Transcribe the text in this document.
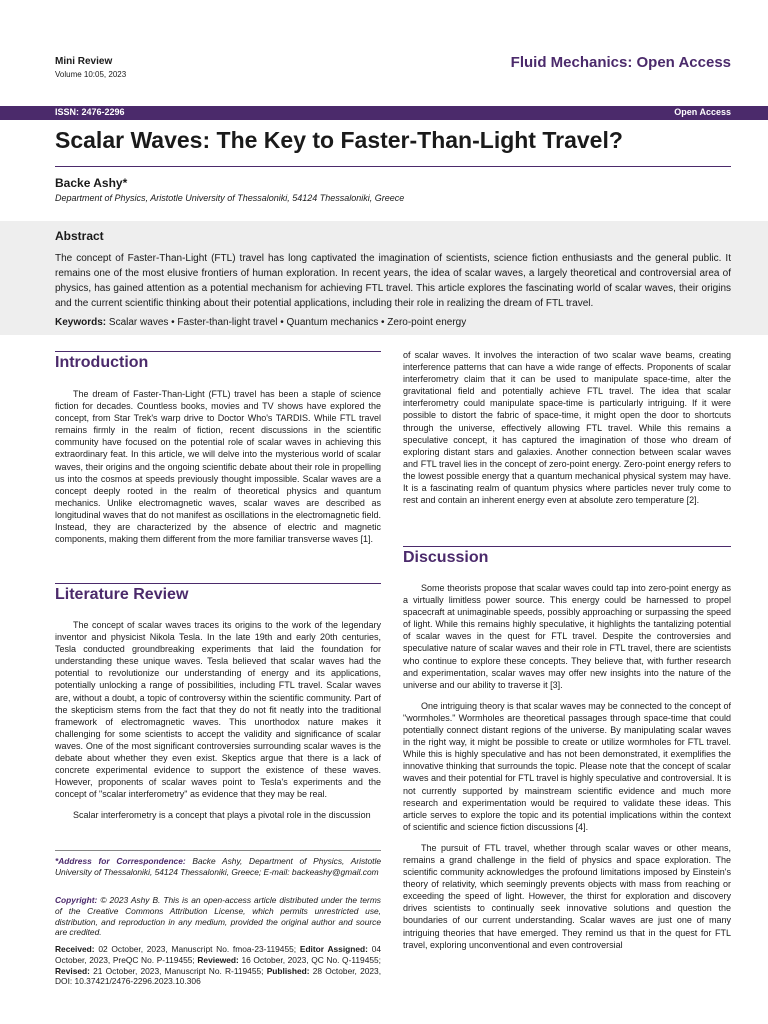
Mini Review
Volume 10:05, 2023
Fluid Mechanics: Open Access
ISSN: 2476-2296	Open Access
Scalar Waves: The Key to Faster-Than-Light Travel?
Backe Ashy*
Department of Physics, Aristotle University of Thessaloniki, 54124 Thessaloniki, Greece
Abstract
The concept of Faster-Than-Light (FTL) travel has long captivated the imagination of scientists, science fiction enthusiasts and the general public. It remains one of the most elusive frontiers of human exploration. In recent years, the idea of scalar waves, a largely theoretical and controversial area of physics, has gained attention as a potential mechanism for achieving FTL travel. This article explores the fascinating world of scalar waves, their origins and the current scientific thinking about their potential applications, including their role in realizing the dream of FTL travel.
Keywords: Scalar waves • Faster-than-light travel • Quantum mechanics • Zero-point energy
Introduction

The dream of Faster-Than-Light (FTL) travel has been a staple of science fiction for decades. Countless books, movies and TV shows have explored the concept, from Star Trek's warp drive to Doctor Who's TARDIS. While FTL travel remains firmly in the realm of fiction, recent discussions in the scientific community have focused on the potential role of scalar waves in achieving this extraordinary feat. In this article, we will delve into the mysterious world of scalar waves, their origins and the ongoing scientific debate about their role in propelling us into the cosmos at speeds previously thought impossible. Scalar waves are a concept deeply rooted in the realm of theoretical physics and quantum mechanics. Unlike electromagnetic waves, scalar waves are described as longitudinal waves that do not manifest as oscillations in the electromagnetic field. Instead, they are characterized by the absence of electric and magnetic components, making them different from the more familiar transverse waves [1].

Literature Review

The concept of scalar waves traces its origins to the work of the legendary inventor and physicist Nikola Tesla. In the late 19th and early 20th centuries, Tesla conducted groundbreaking experiments that laid the foundation for understanding these unique waves. Tesla believed that scalar waves had the potential to revolutionize our understanding of energy and its applications, potentially unlocking a range of possibilities, including FTL travel. Scalar waves are, without a doubt, a topic of controversy within the scientific community. Part of the skepticism stems from the fact that they do not fit neatly into the traditional framework of electromagnetic waves. This unorthodox nature makes it challenging for some scientists to accept the validity and significance of scalar waves. One of the most significant controversies surrounding scalar waves is the debate about whether they even exist. Skeptics argue that there is a lack of concrete experimental evidence to support the existence of these waves. However, proponents of scalar waves point to Tesla's experiments and the concept of "scalar interferometry" as evidence that they may be real.

Scalar interferometry is a concept that plays a pivotal role in the discussion

*Address for Correspondence: Backe Ashy, Department of Physics, Aristotle University of Thessaloniki, 54124 Thessaloniki, Greece; E-mail: backeashy@gmail.com
Copyright: © 2023 Ashy B. This is an open-access article distributed under the terms of the Creative Commons Attribution License, which permits unrestricted use, distribution, and reproduction in any medium, provided the original author and source are credited.
Received: 02 October, 2023, Manuscript No. fmoa-23-119455; Editor Assigned: 04 October, 2023, PreQC No. P-119455; Reviewed: 16 October, 2023, QC No. Q-119455; Revised: 21 October, 2023, Manuscript No. R-119455; Published: 28 October, 2023, DOI: 10.37421/2476-2296.2023.10.306

of scalar waves. It involves the interaction of two scalar wave beams, creating interference patterns that can have a wide range of effects. Proponents of scalar interferometry claim that it can be used to manipulate space-time, alter the gravitational field and potentially achieve FTL travel. The idea that scalar interferometry could manipulate space-time is particularly intriguing. If it were possible to distort the fabric of space-time, it might open the door to shortcuts through the universe, effectively allowing FTL travel. While this remains a speculative concept, it has captured the imagination of those who dream of exploring distant stars and galaxies. Another connection between scalar waves and FTL travel lies in the concept of zero-point energy. Zero-point energy refers to the lowest possible energy that a quantum mechanical physical system may have. It is a fascinating realm of quantum physics where particles never truly come to rest and contain an inherent energy even at absolute zero temperature [2].

Discussion

Some theorists propose that scalar waves could tap into zero-point energy as a virtually limitless power source. This energy could be harnessed to propel spacecraft at unimaginable speeds, possibly approaching or surpassing the speed of light. While this remains highly speculative, it highlights the tantalizing potential of scalar waves in the quest for FTL travel. Despite the controversies and speculative nature of scalar waves and their role in FTL travel, there are scientists who continue to explore these concepts. They believe that, with further research and experimentation, scalar waves may offer new insights into the nature of the universe and our ability to traverse it [3].

One intriguing theory is that scalar waves may be connected to the concept of "wormholes." Wormholes are theoretical passages through space-time that could potentially connect distant regions of the universe. By manipulating scalar waves in the right way, it might be possible to create or utilize wormholes for FTL travel. While this is highly speculative and has not been demonstrated, it exemplifies the innovative thinking that surrounds the topic. Please note that the concept of scalar waves and their potential for FTL travel is highly speculative and controversial. It is not currently supported by mainstream scientific evidence and much more research and experimentation would be required to validate these ideas. This article serves to explore the topic and its potential implications within the context of scientific and science fiction discussions [4].

The pursuit of FTL travel, whether through scalar waves or other means, remains a grand challenge in the field of physics and space exploration. The scientific community acknowledges the profound limitations imposed by Einstein's theory of relativity, which seemingly prevents objects with mass from reaching or exceeding the speed of light. However, the thirst for exploration and discovery drives scientists to continually seek innovative solutions and question the boundaries of our current understanding. Scalar waves are just one of many intriguing theories that have emerged. They remind us that in the quest for FTL travel, exploring unconventional and even controversial
